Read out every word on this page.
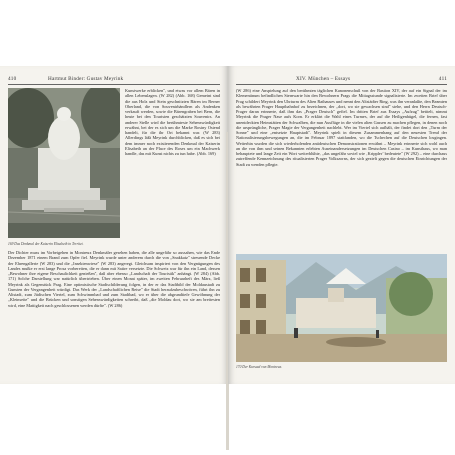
410	Hartmut Binder: Gustav Meyrink
169 Das Denkmal der Kaiserin Elisabeth in Territet.

Kunstwerke erblicken", und etwas vor allem Bären in allen Lebenslagen. (W 282) (Abb. 168) Gemeint sind die aus Holz und Stein geschnitzten Bären im Berner Oberland, die von Souvenirhändlern als Andenken verkauft werden, sowie die Bärengraben bei Bern, die heute bei den Touristen geschätzten Souvenirs. An anderer Stelle wird die berühmteste Sehenswürdigkeit erwähnt, bei der es sich um die Marke Rosiny Ostend handelt, für die ihr Ort bekannt war. (W 283) Allerdings läßt Meyrink durchblicken, daß es sich bei dem immer noch existierenden Denkmal der Kaiserin Elisabeth an der Place des Roses um ein Machwerk handle, das mit Kunst nichts zu tun habe. (Abb. 169)

Der Dichter muss im Vorbeigehen in Montreux Denkmäler gesehen haben, die alle ungefähr so aussahen, wie das Ende Dezember 1871 einem Brand zum Opfer fiel. Meyrink wurde unter anderem durch die von „Snakkatz" streuende Decke der Ehrengallerie (W 283) und die „Insektenwiese" (W 283) angeregt. Gleichsam inspiriert von den Vergnügungen des Landes mußte er erst lange Prosa vorbereiten, die er dann mit Satire versetzte. Die Schweiz war für ihn ein Land, dessen „Bewohner ihre eigene Beschaulichkeit genießen", daß aber ebenso „Landschaft der Touristik" anhängt. (W 284) (Abb. 171) Solche Darstellung war natürlich übertrieben. Über einen Monat später, im zweiten Februarheft des März, ließ Meyrink als Gegenstück Prag. Eine optimistische Stadtschilderung folgen, in der er das Stadtbild der Moldaustadt zu Gunsten der Vergangenheit würdigt. Das Werk der „Landschaftlichen Reise" die Stadt heraufzubeschwören, führt ihn zu Altstadt, zum Jüdischen Viertel, zum Schwimmbad und zum Stadtbad, wo er über die abgrundtiefe Gewöhnung der „Kleinseite" und die Brücken und sonstigen Sehenswürdigkeiten schreibt, daß „die Moldau dort, wo sie am breitesten wird, eine Mattigkeit nach geschlossenen werden dürfte". (W 286)

XIV. München – Essays	411

(W 286) eine Anspielung auf den berühmten täglichen Kanonenschuß von der Bastion XIV, der auf ein Signal der im Klementinum befindlichen Sternwarte hin den Bewohnern Prags die Mittagsstunde signalisierte. Im zweiten Brief über Prag schildert Meyrink den Uhrturm des Alten Rathauses und nennt den Altstädter Ring, was ihn veranlaßte, den Beamten als bewährten Prager Hauptbahnhof zu bezeichnen, der „dort, wo sie gewachsen sind" stehe, und den Herrn Deutsch-Prager daran erinnerte, daß ihm das „Prager Deutsch" gefiel. Im dritten Brief aus Essays „Aufzug" betitelt, nimmt Meyrink die Prager Nase aufs Korn. Er erklärt die Wahl eines Turmes, der auf die Heiligenhügel, die fernen, fast unentdeckten Heimstätten der Schwalben, die nun Ausflüge in die vielen alten Gassen zu machen pflegen, in denen noch die ursprüngliche, Prager Magie der Vergangenheit nachlebt. Wer im Viertel sich aufhält, der findet dort den „Turm der Sonne" und eine „entsetzte Hauptstadt". Meyrink spielt in diesem Zusammenhang auf den neuesten Trend der Nationalisierungsbewegungen an, die im Februar 1897 stattfanden, wo die Tschechen auf die Deutschen losgingen. Weiterhin wurden die sich wiederholenden antideutschen Demonstrationen erwähnt – Meyrink erinnerte sich wohl auch an die von ihm und seinen Bekannten erlebten Auseinandersetzungen im Deutschen Casino – im Kunsthaus, wo man behauptete und lange Zeit ein Wort weiterblühte, „das ungefähr soviel wie ‚Krippler’ bedeutete" (W 292) – eine durchaus zutreffende Kennzeichnung des ritualisierten Prager Volkszorns, der sich gezielt gegen die deutschen Einrichtungen der Stadt zu wenden pflegte.

170 Der Kursaal von Montreux.
